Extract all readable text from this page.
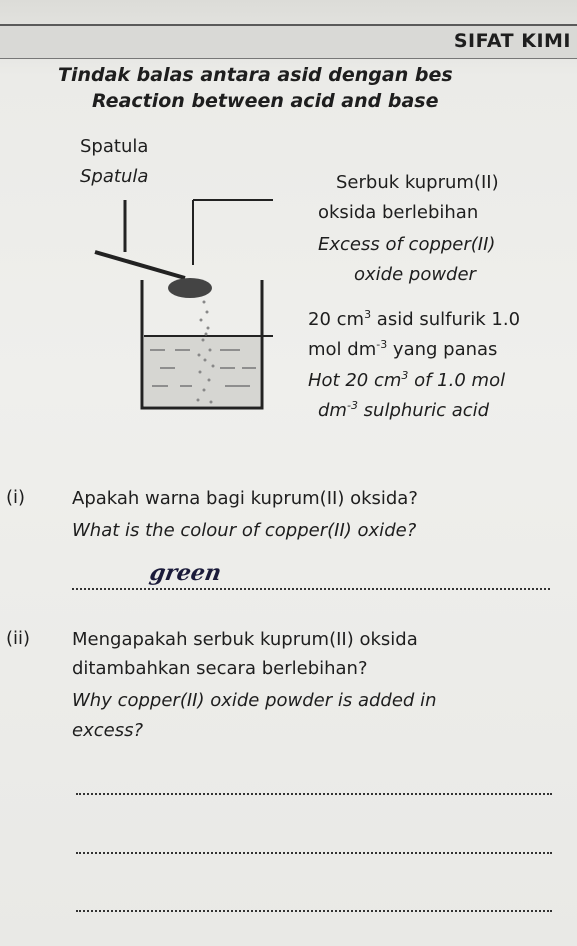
SIFAT KIMI
Tindak balas antara asid dengan bes
Reaction between acid and base
Spatula
Spatula	Serbuk kuprum(II)
oksida berlebihan
Excess of copper(II)
oxide powder
20 $cm^3$ asid sulfurik 1.0
mol $dm^{-3}$ yang panas
Hot 20 $cm^3$ of 1.0 mol
$dm^{-3}$ sulphuric acid
(i)	Apakah warna bagi kuprum(II) oksida?
What is the colour of copper(II) oxide?
green
(ii) Mengapakah serbuk kuprum(II) oksida
ditambahkan secara berlebihan?
Why copper(II) oxide powder is added in
excess?
